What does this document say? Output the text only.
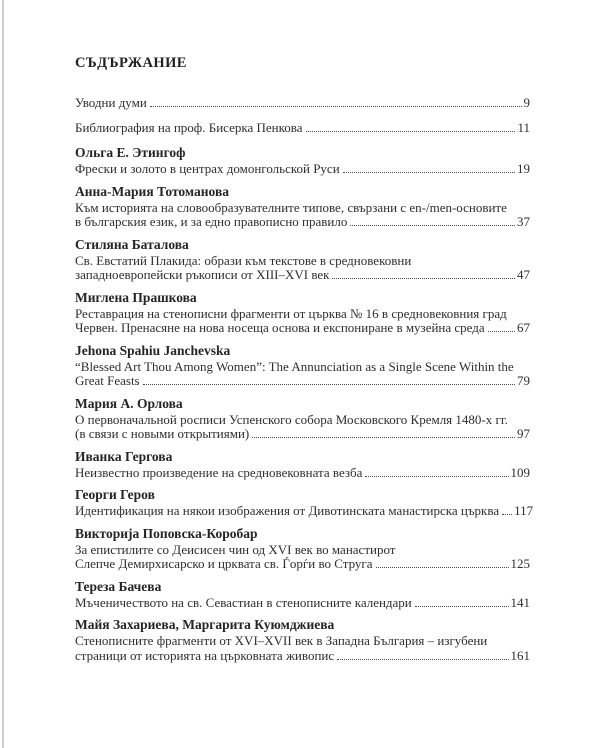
СЪДЪРЖАНИЕ
Уводни думи	9
Библиография на проф. Бисерка Пенкова	11
Ольга Е. Этингоф
Фрески и золото в центрах домонгольской Руси	19
Анна-Мария Тотоманова
Към историята на словообразувателните типове, свързани с en-/men-основите
в българския език, и за едно правописно правило	37
Стиляна Баталова
Св. Евстатий Плакида: образи към текстове в средновековни
западноевропейски ръкописи от XIII–XVI век	47
Миглена Прашкова
Реставрация на стенописни фрагменти от църква № 16 в средновековния град
Червен. Пренасяне на нова носеща основа и експониране в музейна среда 67
Jehona Spahiu Janchevska
“Blessed Art Thou Among Women”: The Annunciation as a Single Scene Within the
Great Feasts	79
Мария А. Орлова
О первоначальной росписи Успенского собора Московского Кремля 1480-х гг.
(в связи с новыми открытиями)	97
Иванка Гергова
Неизвестно произведение на средновековната везба	109
Георги Геров
Идентификация на някои изображения от Дивотинската манастирска църква 117
Викторија Поповска-Коробар
За епистилите со Деисисен чин од XVI век во манастирот
Слепче Демирхисарско и црквата св. Ѓорѓи во Струга	125
Тереза Бачева
Мъченичеството на св. Севастиан в стенописните календари	141
Майя Захариева, Маргарита Куюмджиева
Стенописните фрагменти от XVI–XVII век в Западна България – изгубени
страници от историята на църковната живопис	161
